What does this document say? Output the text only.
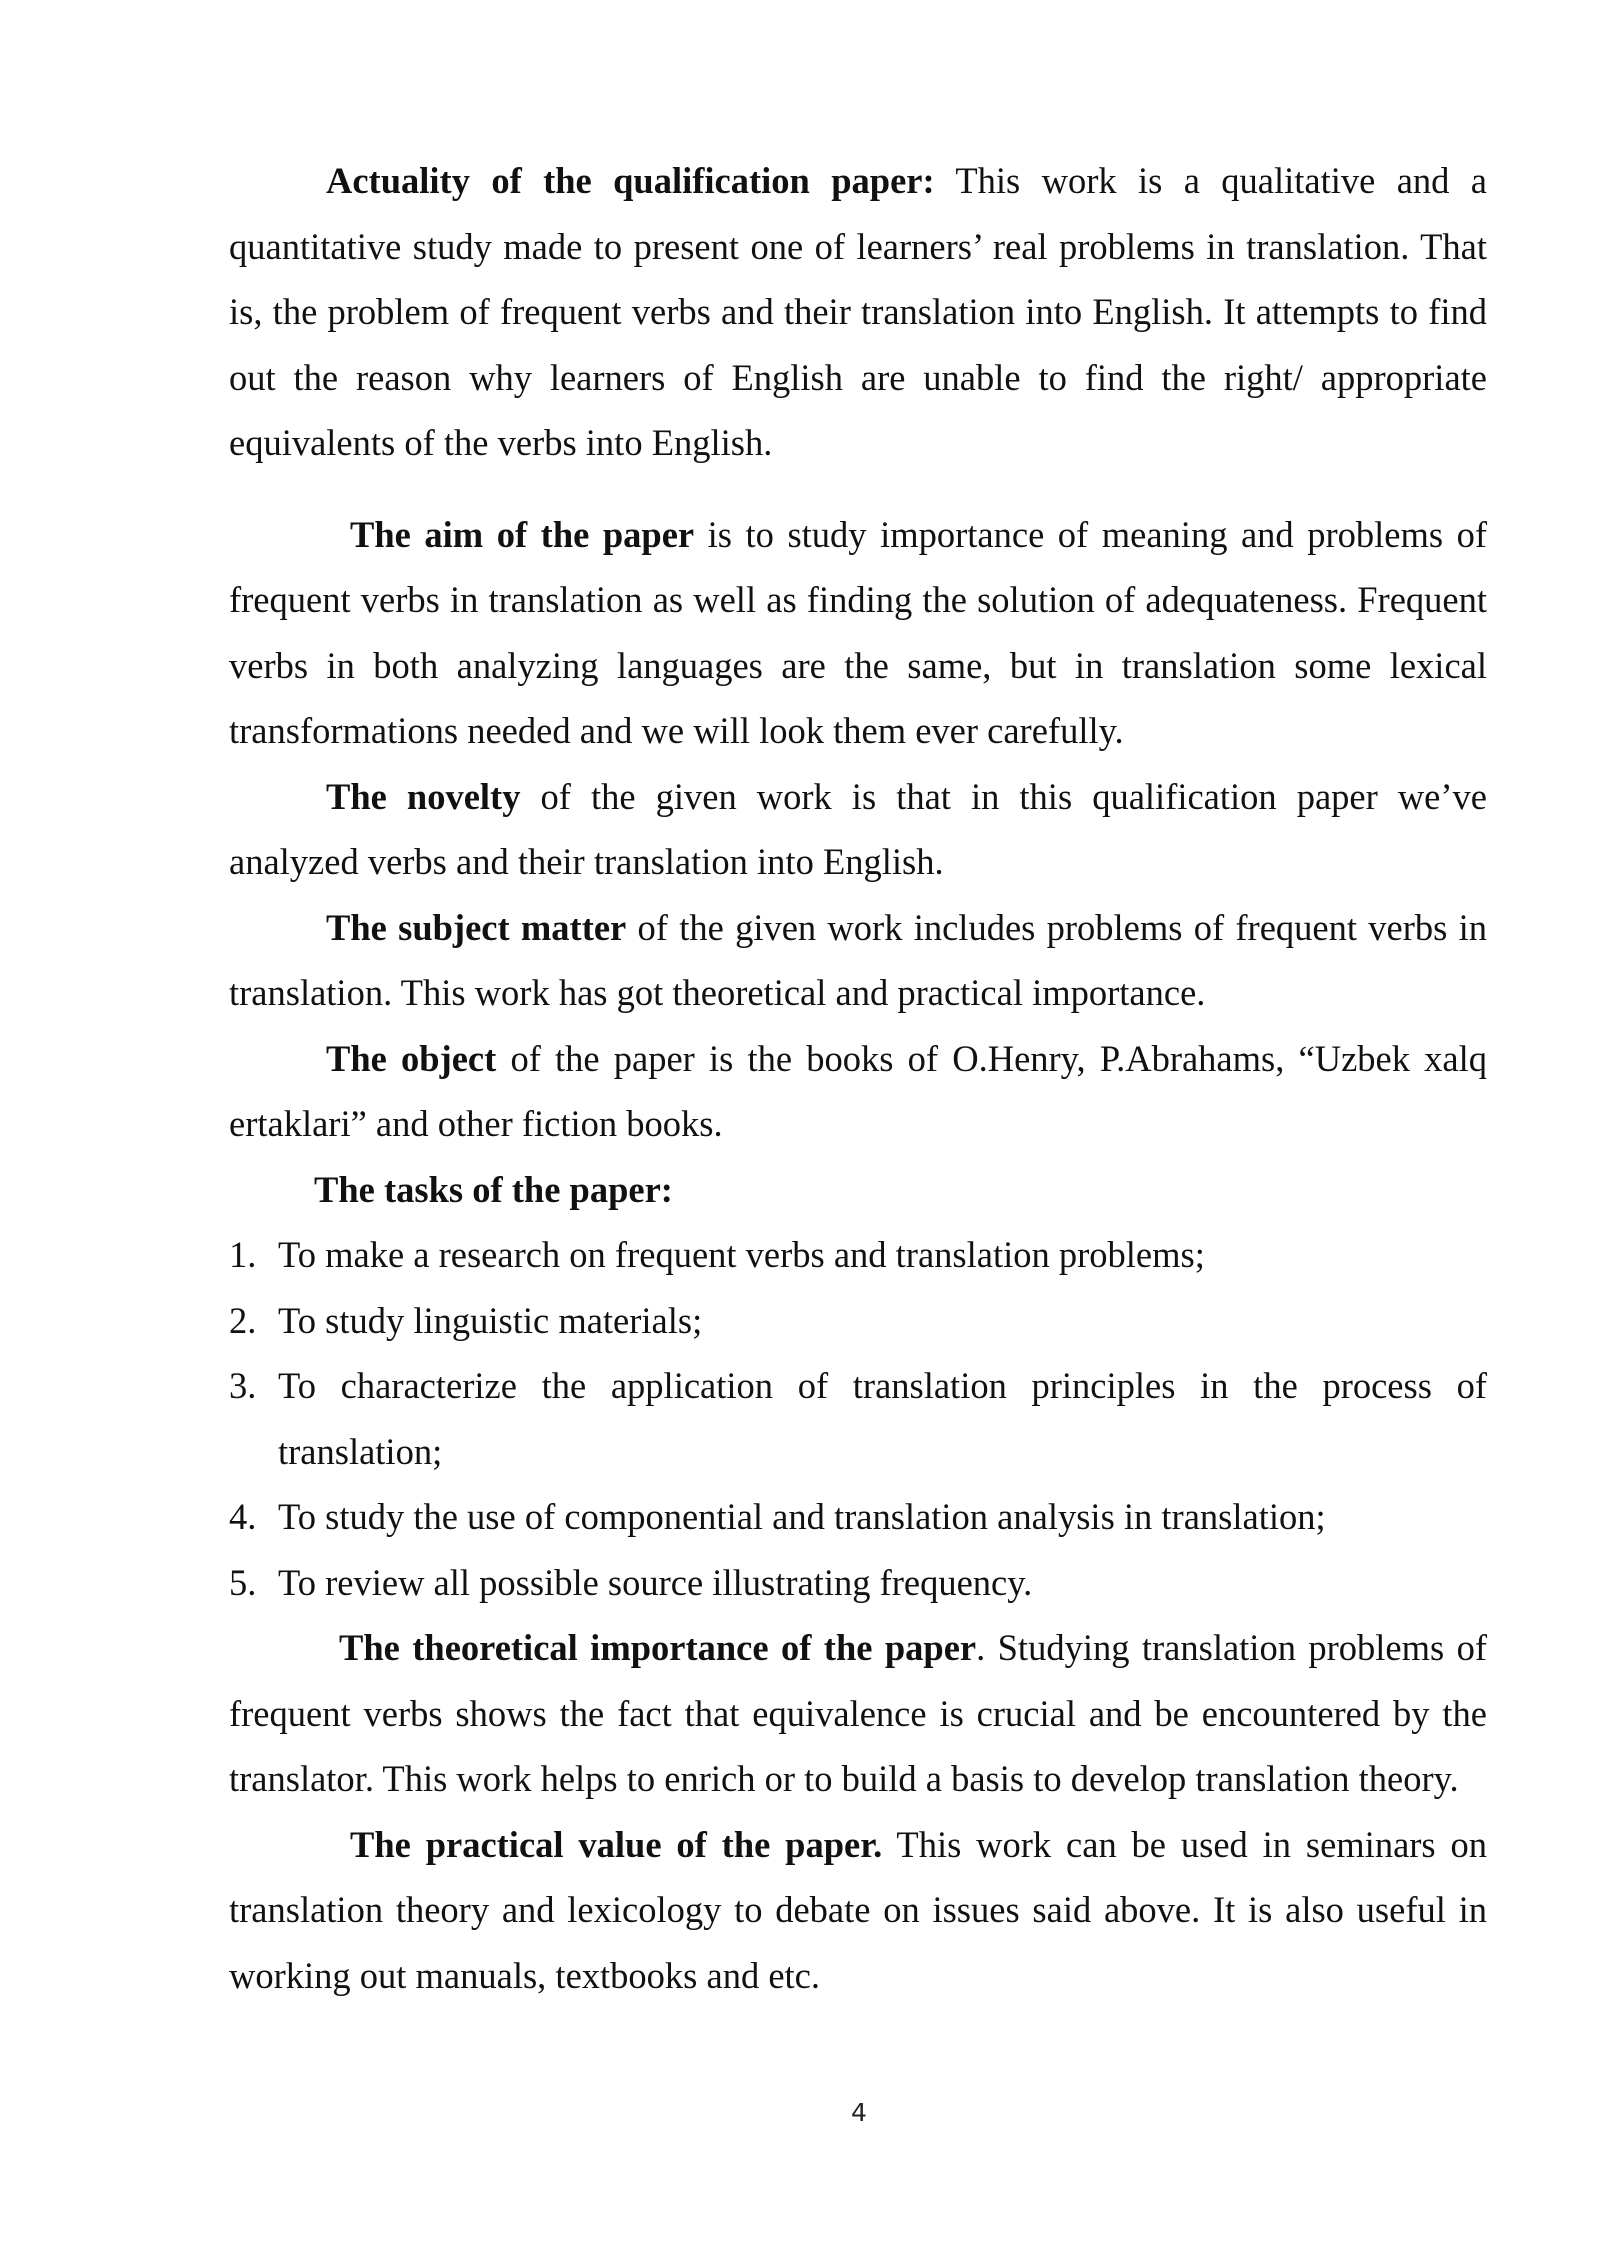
Actuality of the qualification paper: This work is a qualitative and a quantitative study made to present one of learners’ real problems in translation. That is, the problem of frequent verbs and their translation into English. It attempts to find out the reason why learners of English are unable to find the right/ appropriate equivalents of the verbs into English.

The aim of the paper is to study importance of meaning and problems of frequent verbs in translation as well as finding the solution of adequateness. Frequent verbs in both analyzing languages are the same, but in translation some lexical transformations needed and we will look them ever carefully.

The novelty of the given work is that in this qualification paper we’ve analyzed verbs and their translation into English.

The subject matter of the given work includes problems of frequent verbs in translation. This work has got theoretical and practical importance.

The object of the paper is the books of O.Henry, P.Abrahams, “Uzbek xalq ertaklari” and other fiction books.

The tasks of the paper:

1. To make a research on frequent verbs and translation problems;
2. To study linguistic materials;
3. To characterize the application of translation principles in the process of translation;
4. To study the use of componential and translation analysis in translation;
5. To review all possible source illustrating frequency.

The theoretical importance of the paper. Studying translation problems of frequent verbs shows the fact that equivalence is crucial and be encountered by the translator. This work helps to enrich or to build a basis to develop translation theory.

The practical value of the paper. This work can be used in seminars on translation theory and lexicology to debate on issues said above. It is also useful in working out manuals, textbooks and etc.

4
